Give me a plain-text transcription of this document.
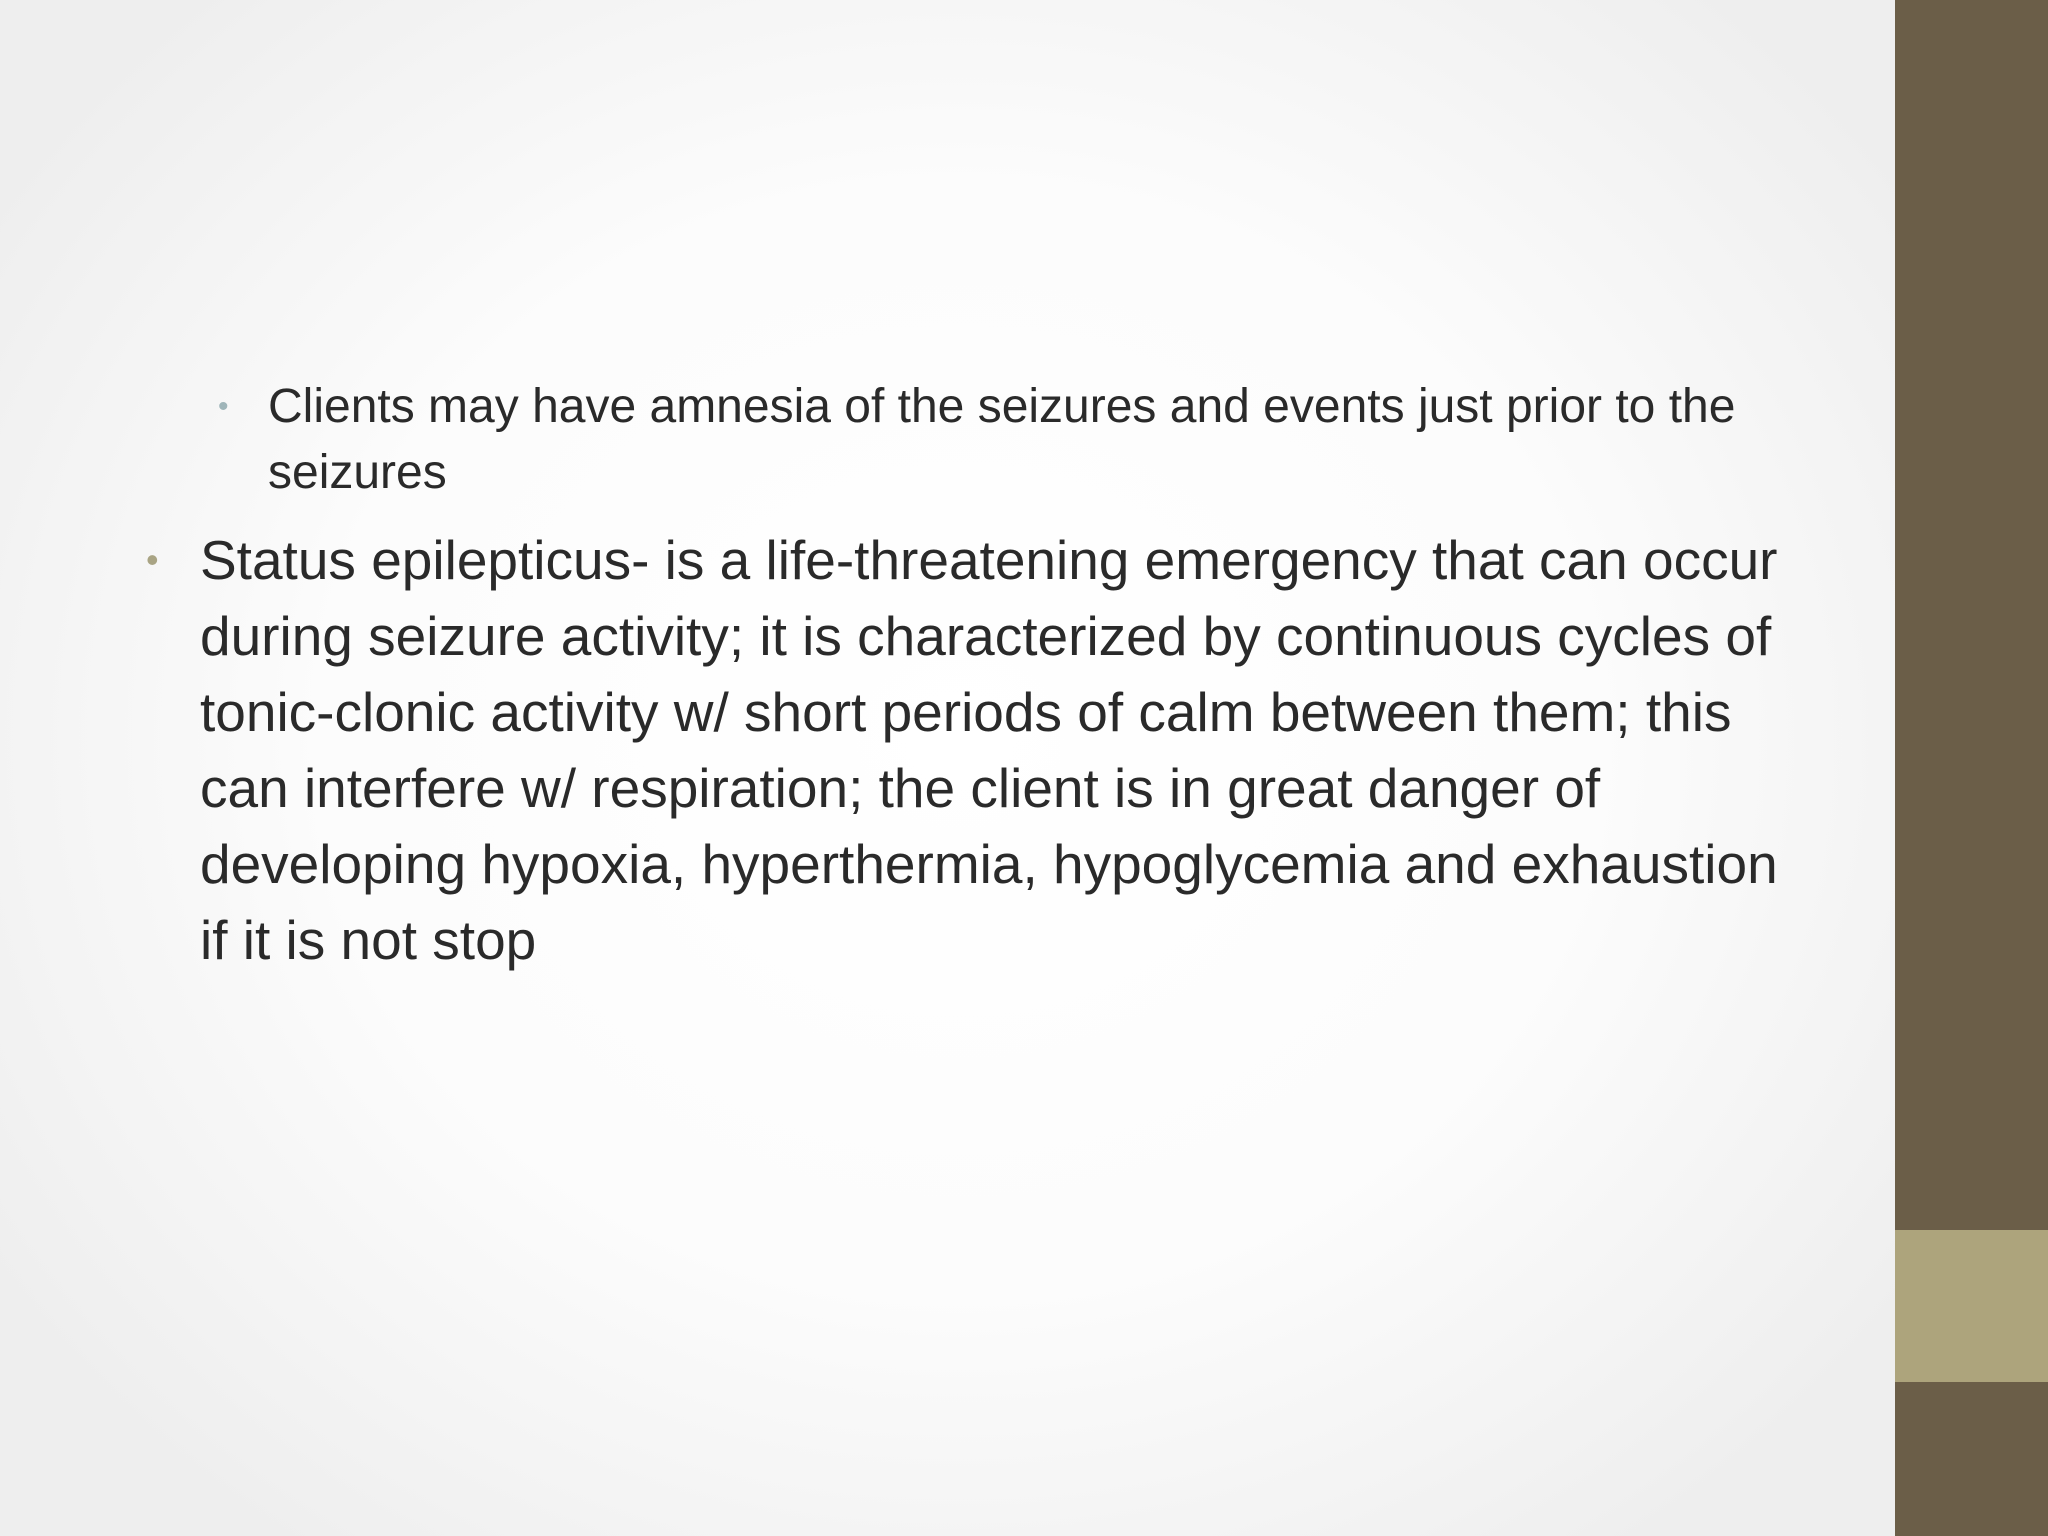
• Clients may have amnesia of the seizures and events just prior to the seizures
• Status epilepticus- is a life-threatening emergency that can occur during seizure activity; it is characterized by continuous cycles of tonic-clonic activity w/ short periods of calm between them; this can interfere w/ respiration; the client is in great danger of developing hypoxia, hyperthermia, hypoglycemia and exhaustion if it is not stop
